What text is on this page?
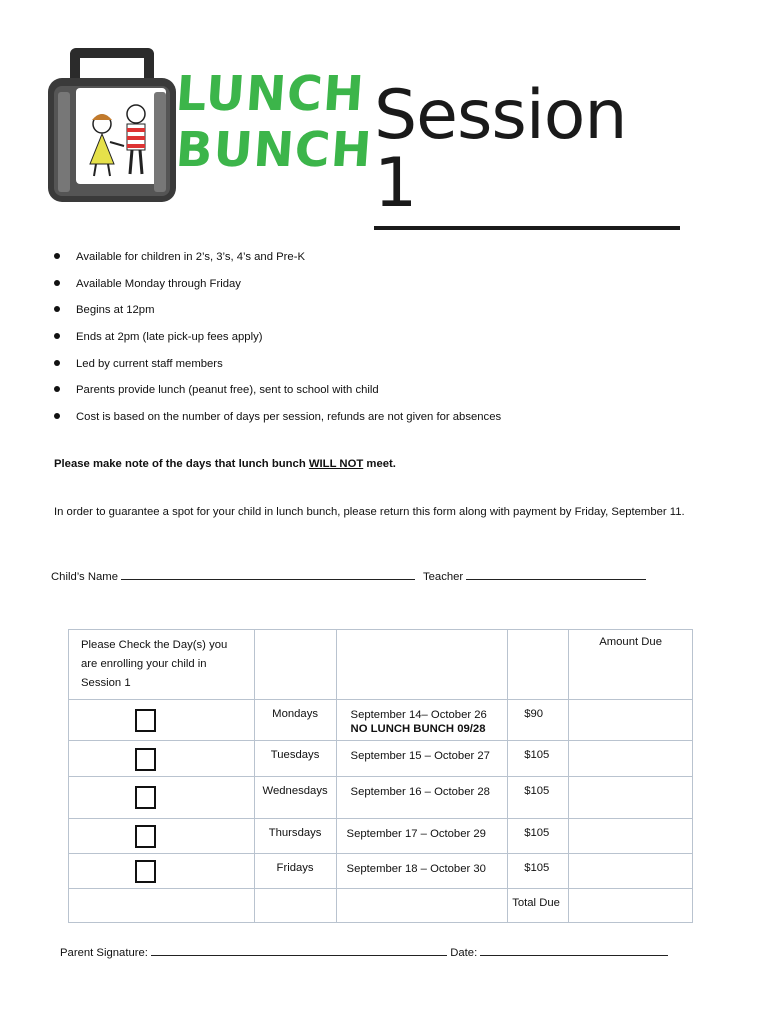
LUNCH
BUNCH Session 1
Available for children in 2’s, 3’s, 4’s and Pre-K
Available Monday through Friday
Begins at 12pm
Ends at 2pm (late pick-up fees apply)
Led by current staff members
Parents provide lunch (peanut free), sent to school with child
Cost is based on the number of days per session, refunds are not given for absences
Please make note of the days that lunch bunch WILL NOT meet.
In order to guarantee a spot for your child in lunch bunch, please return this form along with payment by Friday, September 11.
Child’s Name	Teacher
Please Check the Day(s) you are enrolling your child in Session 1				Amount Due

	Mondays	September 14– October 26
NO LUNCH BUNCH 09/28	$90	

	Tuesdays	September 15 – October 27	$105	

	Wednesdays	September 16 – October 28	$105	

	Thursdays	September 17 – October 29	$105	

	Fridays	September 18 – October 30	$105	
			Total Due	
Parent Signature:	Date:
